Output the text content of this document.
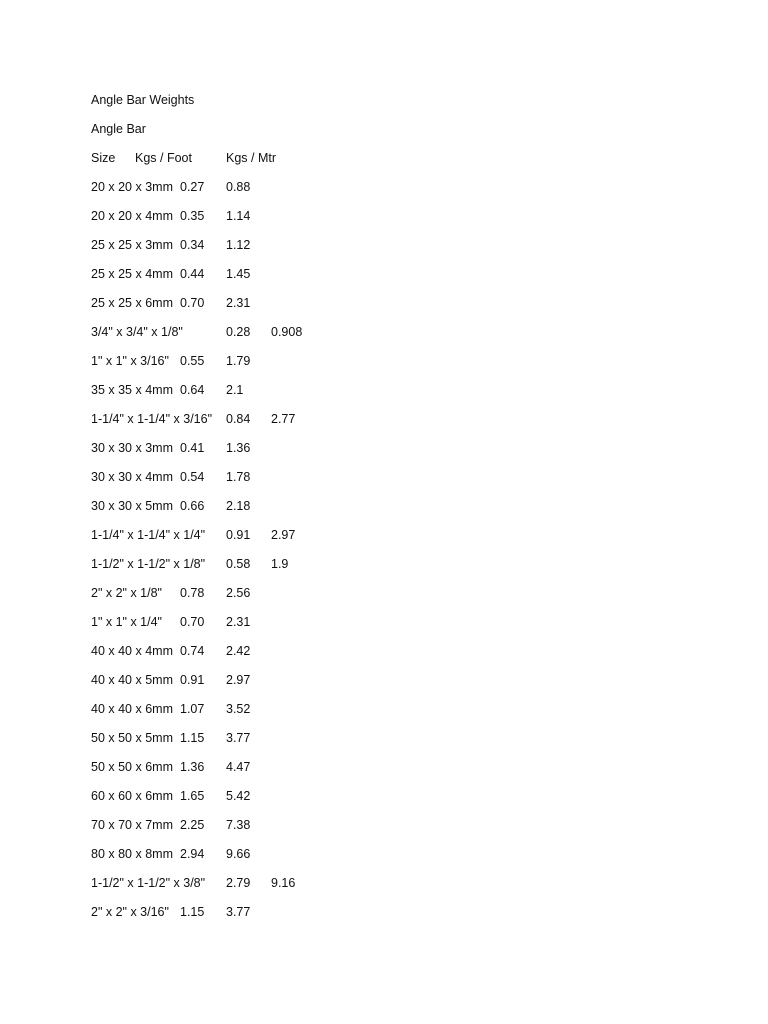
Angle Bar Weights

Angle Bar

Size

Kgs / Foot

	Kgs / Mtr

20 x 20 x 3mm 0.27 0.88
20 x 20 x 4mm 0.35 1.14
25 x 25 x 3mm 0.34 1.12
25 x 25 x 4mm 0.44 1.45
25 x 25 x 6mm 0.70 2.31
3/4" x 3/4" x 1/8"	0.28 0.908
1" x 1" x 3/16" 0.55 1.79
35 x 35 x 4mm 0.64 2.1
1-1/4" x 1-1/4" x 3/16" 0.84 2.77
30 x 30 x 3mm 0.41 1.36
30 x 30 x 4mm 0.54 1.78
30 x 30 x 5mm 0.66 2.18
1-1/4" x 1-1/4" x 1/4" 0.91 2.97
1-1/2" x 1-1/2" x 1/8" 0.58 1.9
2" x 2" x 1/8" 0.78 2.56
1" x 1" x 1/4" 0.70 2.31
40 x 40 x 4mm 0.74 2.42
40 x 40 x 5mm 0.91 2.97
40 x 40 x 6mm 1.07 3.52
50 x 50 x 5mm 1.15 3.77
50 x 50 x 6mm 1.36 4.47
60 x 60 x 6mm 1.65 5.42
70 x 70 x 7mm 2.25 7.38
80 x 80 x 8mm 2.94 9.66
1-1/2" x 1-1/2" x 3/8" 2.79 9.16
2" x 2" x 3/16" 1.15 3.77
